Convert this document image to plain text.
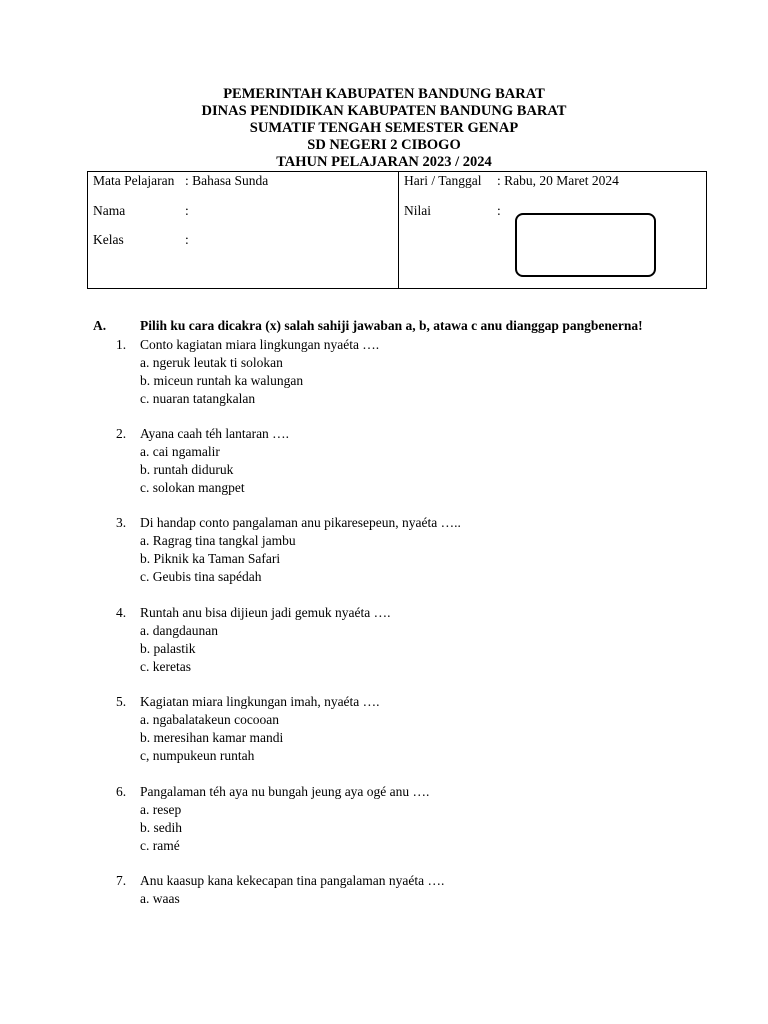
PEMERINTAH KABUPATEN BANDUNG BARAT
DINAS PENDIDIKAN KABUPATEN BANDUNG BARAT
SUMATIF TENGAH SEMESTER GENAP
SD NEGERI 2 CIBOGO
TAHUN PELAJARAN 2023 / 2024
Mata Pelajaran : Bahasa Sunda
Nama	:
Kelas	:
Hari / Tanggal : Rabu, 20 Maret 2024
Nilai	:
A.	Pilih ku cara dicakra (x) salah sahiji jawaban a, b, atawa c anu dianggap pangbenerna!
1. Conto kagiatan miara lingkungan nyaéta ….
a. ngeruk leutak ti solokan
b. miceun runtah ka walungan
c. nuaran tatangkalan
2. Ayana caah téh lantaran ….
a. cai ngamalir
b. runtah diduruk
c. solokan mangpet
3. Di handap conto pangalaman anu pikaresepeun, nyaéta …..
a. Ragrag tina tangkal jambu
b. Piknik ka Taman Safari
c. Geubis tina sapédah
4. Runtah anu bisa dijieun jadi gemuk nyaéta ….
a. dangdaunan
b. palastik
c. keretas
5. Kagiatan miara lingkungan imah, nyaéta ….
a. ngabalatakeun cocooan
b. meresihan kamar mandi
c, numpukeun runtah
6. Pangalaman téh aya nu bungah jeung aya ogé anu ….
a. resep
b. sedih
c. ramé
7. Anu kaasup kana kekecapan tina pangalaman nyaéta ….
a. waas
